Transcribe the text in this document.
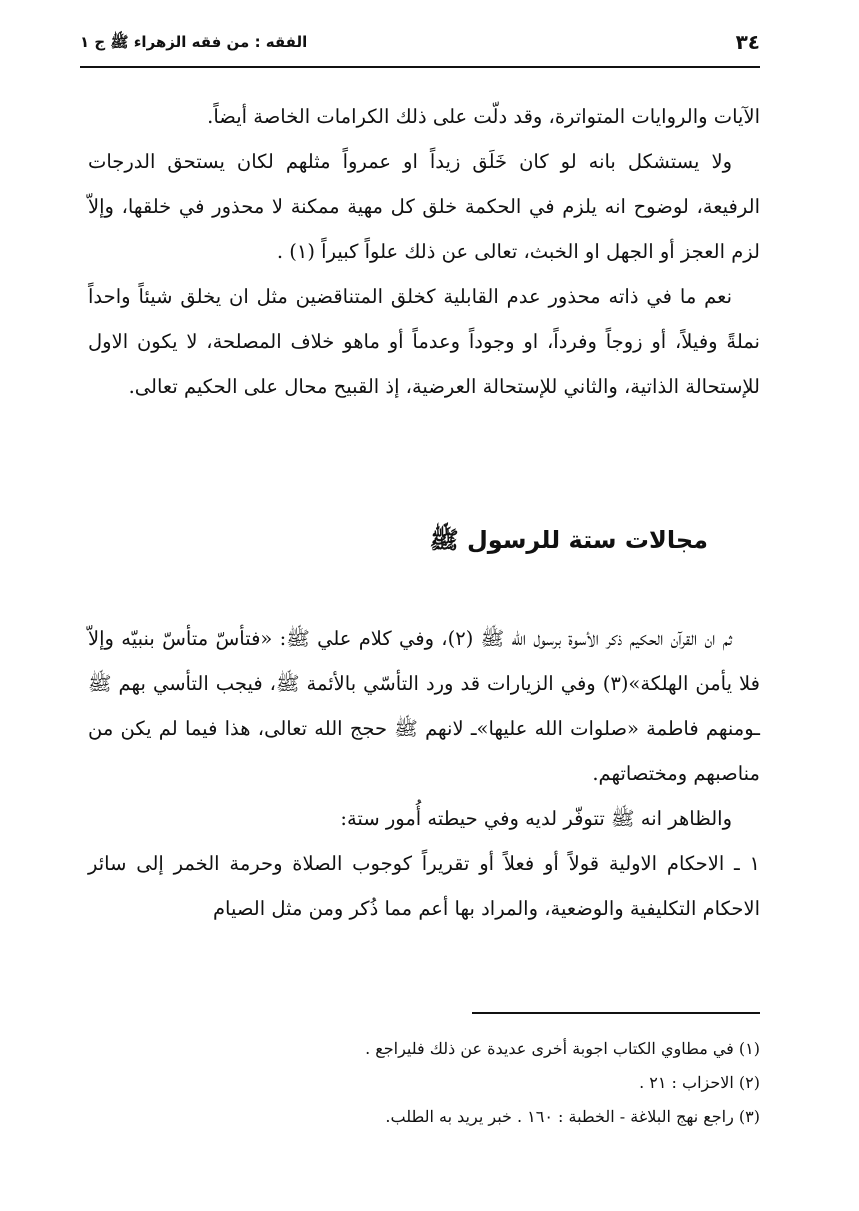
٣٤
الفقه : من فقه الزهراء ﷺ ج ١

الآيات والروايات المتواترة، وقد دلّت على ذلك الكرامات الخاصة أيضاً.

ولا يستشكل بانه لو كان خَلَق زيداً او عمرواً مثلهم لكان يستحق الدرجات الرفيعة، لوضوح انه يلزم في الحكمة خلق كل مهية ممكنة لا محذور في خلقها، وإلاّ لزم العجز أو الجهل او الخبث، تعالى عن ذلك علواً كبيراً (١) .

نعم ما في ذاته محذور عدم القابلية كخلق المتناقضين مثل ان يخلق شيئاً واحداً نملةً وفيلاً، أو زوجاً وفرداً، او وجوداً وعدماً أو ماهو خلاف المصلحة، لا يكون الاول للإستحالة الذاتية، والثاني للإستحالة العرضية، إذ القبيح محال على الحكيم تعالى.

مجالات ستة للرسول ﷺ

ثم ان القرآن الحكيم ذكر الأسوة برسول الله ﷺ (٢)، وفي كلام علي ﷺ: «فتأسّ متأسّ بنبيّه وإلاّ فلا يأمن الهلكة»(٣) وفي الزيارات قد ورد التأسّي بالأئمة ﷺ، فيجب التأسي بهم ﷺ ـومنهم فاطمة «صلوات الله عليها»ـ لانهم ﷺ حجج الله تعالى، هذا فيما لم يكن من مناصبهم ومختصاتهم.

والظاهر انه ﷺ تتوفّر لديه وفي حيطته أُمور ستة:

١ ـ الاحكام الاولية قولاً أو فعلاً أو تقريراً كوجوب الصلاة وحرمة الخمر إلى سائر الاحكام التكليفية والوضعية، والمراد بها أعم مما ذُكر ومن مثل الصيام

(١) في مطاوي الكتاب اجوبة أخرى عديدة عن ذلك فليراجع .

(٢) الاحزاب : ٢١ .

(٣) راجع نهج البلاغة - الخطبة : ١٦٠ . خبر يريد به الطلب.
